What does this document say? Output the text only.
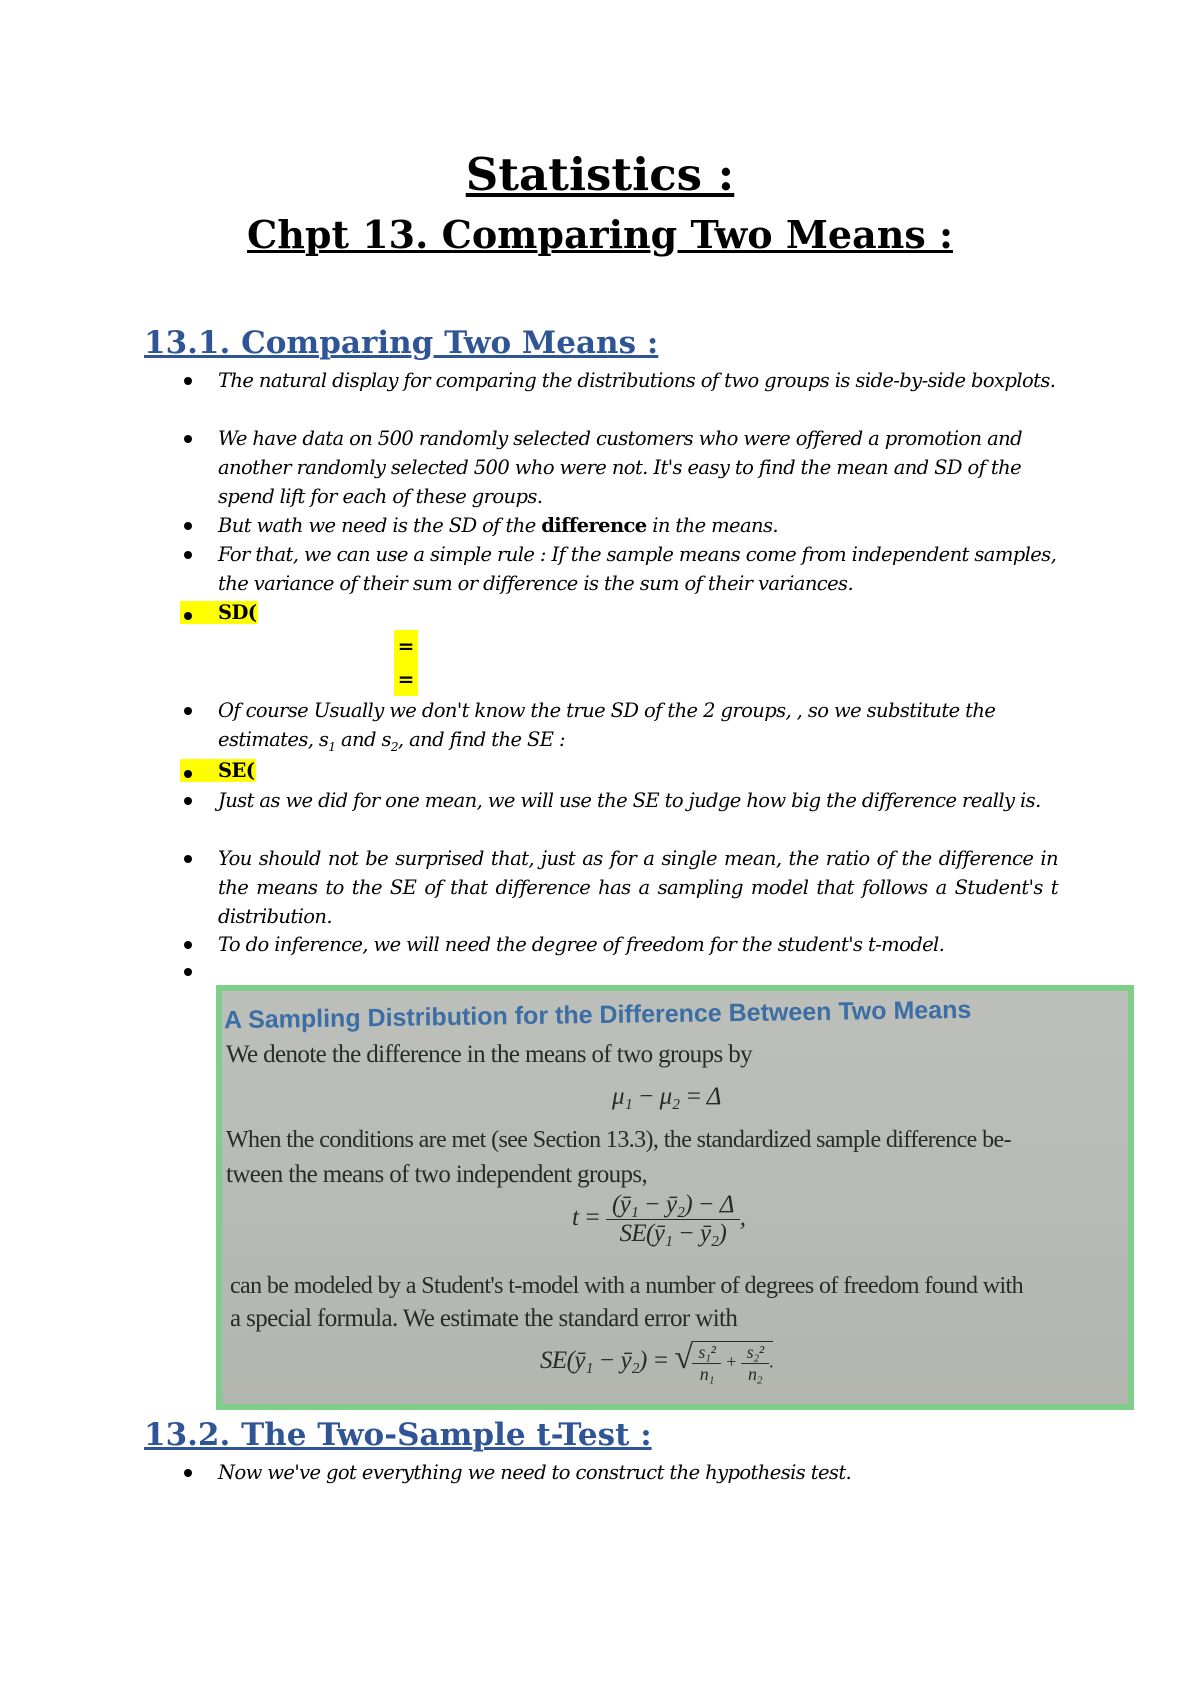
Statistics :
Chpt 13. Comparing Two Means :
13.1. Comparing Two Means :
The natural display for comparing the distributions of two groups is side-by-side boxplots.
We have data on 500 randomly selected customers who were offered a promotion and another randomly selected 500 who were not. It's easy to find the mean and SD of the spend lift for each of these groups.
But wath we need is the SD of the difference in the means.
For that, we can use a simple rule : If the sample means come from independent samples, the variance of their sum or difference is the sum of their variances.
SD(
=
=
Of course Usually we don't know the true SD of the 2 groups, , so we substitute the estimates, $s_1$ and $s_2$, and find the SE :
SE(
Just as we did for one mean, we will use the SE to judge how big the difference really is.
You should not be surprised that, just as for a single mean, the ratio of the difference in the means to the SE of that difference has a sampling model that follows a Student's t distribution.
To do inference, we will need the degree of freedom for the student's t-model.
A Sampling Distribution for the Difference Between Two Means
We denote the difference in the means of two groups by
μ₁ − μ₂ = Δ
When the conditions are met (see Section 13.3), the standardized sample difference be-
tween the means of two independent groups,
$t = \frac{\text{(ȳ₁ − ȳ₂) − Δ}}{\text{SE(ȳ₁ − ȳ₂)}}$ ,
can be modeled by a Student's t-model with a number of degrees of freedom found with
a special formula. We estimate the standard error with
SE(ȳ₁ − ȳ₂) = √ $\frac{\text{s₁²}}{\text{n₁}} + \frac{\text{s₂²}}{\text{n₂}}$ .
13.2. The Two-Sample t-Test :
Now we've got everything we need to construct the hypothesis test.
